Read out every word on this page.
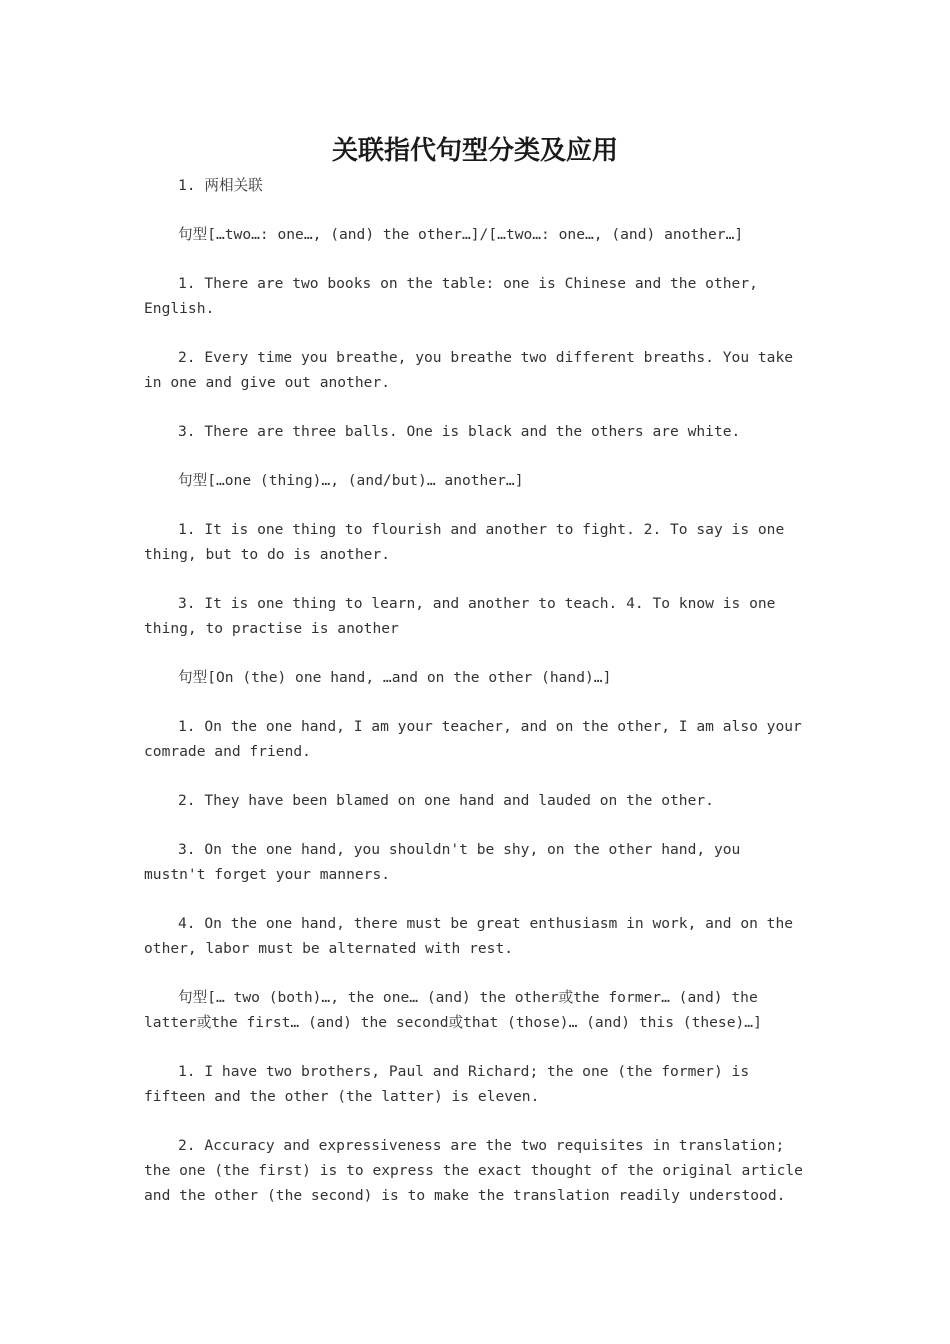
关联指代句型分类及应用

1. 两相关联

句型[…two…: one…, (and) the other…]/[…two…: one…, (and) another…]

1. There are two books on the table: one is Chinese and the other, English.

2. Every time you breathe, you breathe two different breaths. You take in one and give out another.

3. There are three balls. One is black and the others are white.

句型[…one (thing)…, (and/but)… another…]

1. It is one thing to flourish and another to fight. 2. To say is one thing, but to do is another.

3. It is one thing to learn, and another to teach. 4. To know is one thing, to practise is another

句型[On (the) one hand, …and on the other (hand)…]

1. On the one hand, I am your teacher, and on the other, I am also your comrade and friend.

2. They have been blamed on one hand and lauded on the other.

3. On the one hand, you shouldn't be shy, on the other hand, you mustn't forget your manners.

4. On the one hand, there must be great enthusiasm in work, and on the other, labor must be alternated with rest.

句型[… two (both)…, the one… (and) the other或the former… (and) the latter或the first… (and) the second或that (those)… (and) this (these)…]

1. I have two brothers, Paul and Richard; the one (the former) is fifteen and the other (the latter) is eleven.

2. Accuracy and expressiveness are the two requisites in translation; the one (the first) is to express the exact thought of the original article and the other (the second) is to make the translation readily understood.
